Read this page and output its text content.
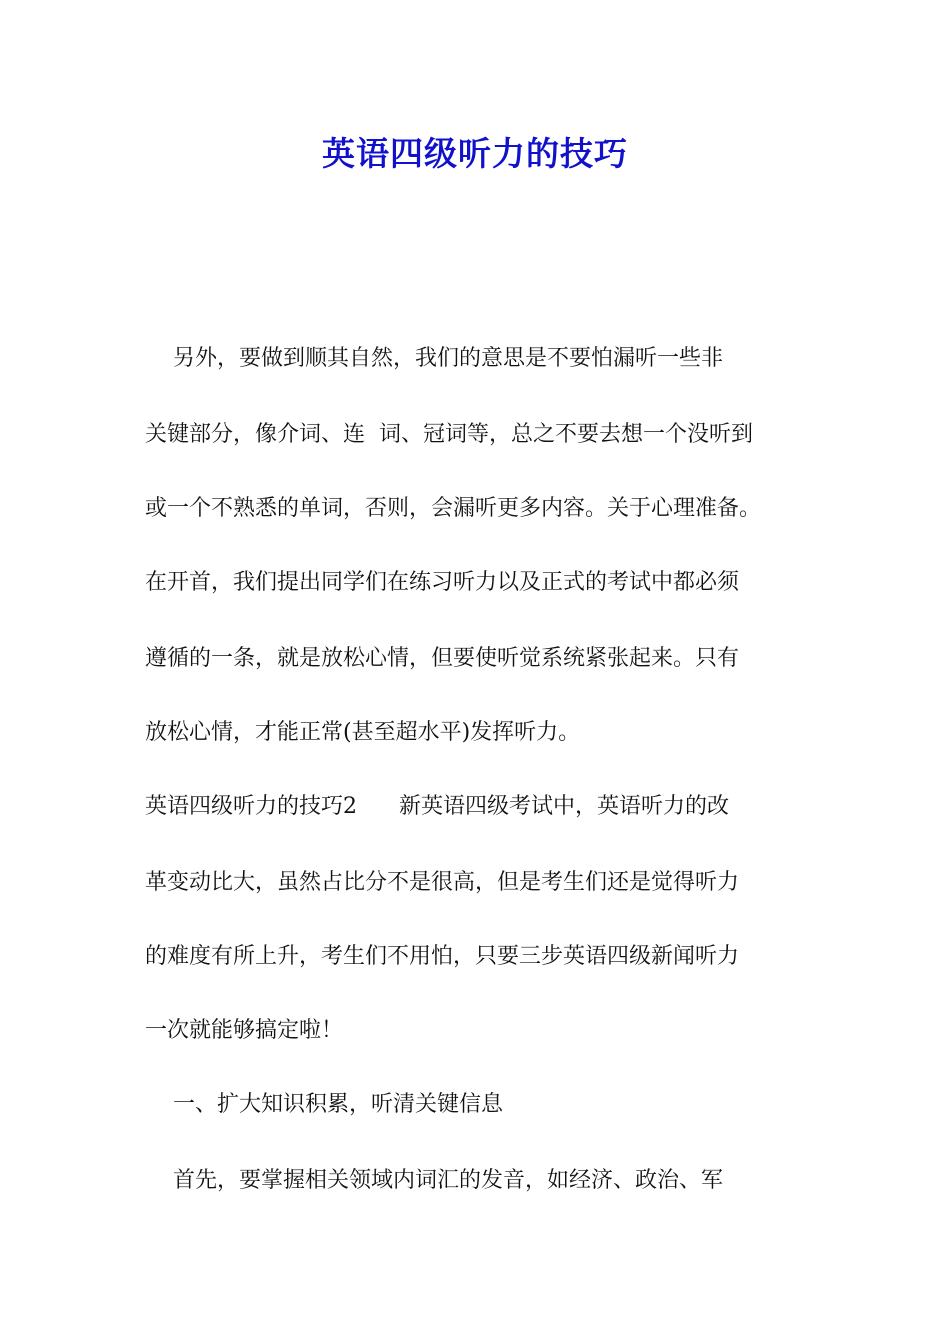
英语四级听力的技巧

另外，要做到顺其自然，我们的意思是不要怕漏听一些非

关键部分，像介词、连  词、冠词等，总之不要去想一个没听到

或一个不熟悉的单词，否则，会漏听更多内容。关于心理准备。

在开首，我们提出同学们在练习听力以及正式的考试中都必须

遵循的一条，就是放松心情，但要使听觉系统紧张起来。只有

放松心情，才能正常(甚至超水平)发挥听力。

英语四级听力的技巧2      新英语四级考试中，英语听力的改

革变动比大，虽然占比分不是很高，但是考生们还是觉得听力

的难度有所上升，考生们不用怕，只要三步英语四级新闻听力

一次就能够搞定啦！

一、扩大知识积累，听清关键信息

首先，要掌握相关领域内词汇的发音，如经济、政治、军
